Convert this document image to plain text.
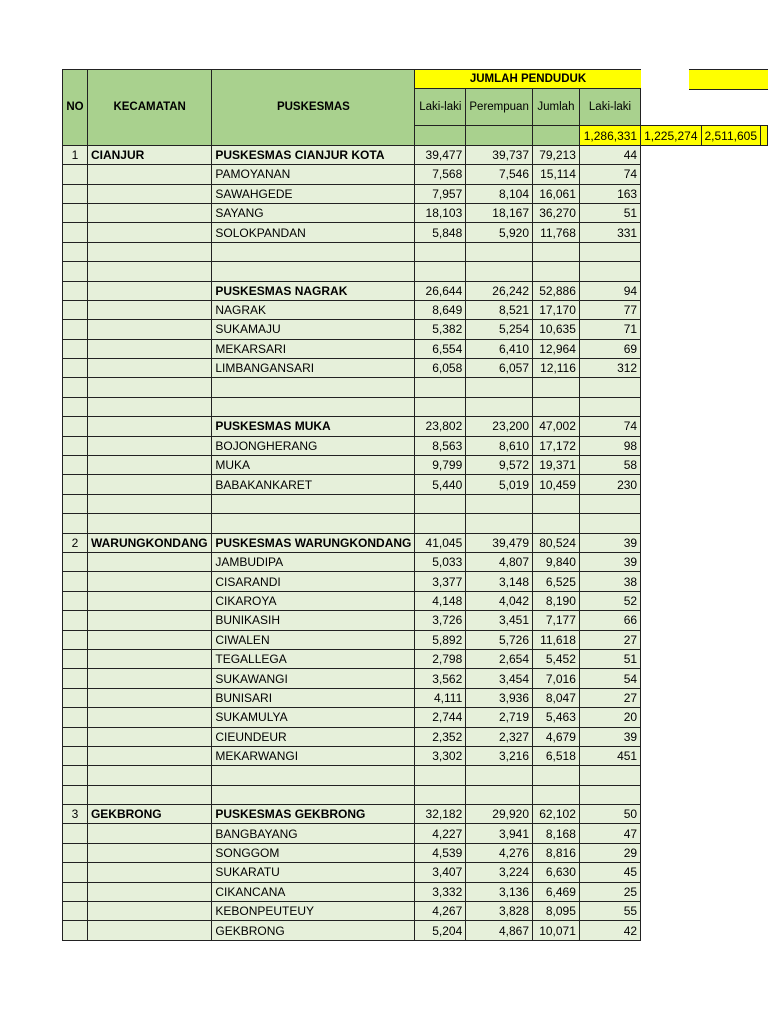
NO	KECAMATAN	PUSKESMAS	JUMLAH PENDUDUK						
			Laki-laki	Perempuan	Jumlah	Laki-laki			
						1,286,331	1,225,274	2,511,605	
1	CIANJUR	PUSKESMAS CIANJUR KOTA	39,477	39,737	79,213	44			
		PAMOYANAN	7,568	7,546	15,114	74			
		SAWAHGEDE	7,957	8,104	16,061	163			
		SAYANG	18,103	18,167	36,270	51			
		SOLOKPANDAN	5,848	5,920	11,768	331			

		PUSKESMAS NAGRAK	26,644	26,242	52,886	94			
		NAGRAK	8,649	8,521	17,170	77			
		SUKAMAJU	5,382	5,254	10,635	71			
		MEKARSARI	6,554	6,410	12,964	69			
		LIMBANGANSARI	6,058	6,057	12,116	312			

		PUSKESMAS MUKA	23,802	23,200	47,002	74			
		BOJONGHERANG	8,563	8,610	17,172	98			
		MUKA	9,799	9,572	19,371	58			
		BABAKANKARET	5,440	5,019	10,459	230			

2	WARUNGKONDANG	PUSKESMAS WARUNGKONDANG	41,045	39,479	80,524	39			
		JAMBUDIPA	5,033	4,807	9,840	39			
		CISARANDI	3,377	3,148	6,525	38			
		CIKAROYA	4,148	4,042	8,190	52			
		BUNIKASIH	3,726	3,451	7,177	66			
		CIWALEN	5,892	5,726	11,618	27			
		TEGALLEGA	2,798	2,654	5,452	51			
		SUKAWANGI	3,562	3,454	7,016	54			
		BUNISARI	4,111	3,936	8,047	27			
		SUKAMULYA	2,744	2,719	5,463	20			
		CIEUNDEUR	2,352	2,327	4,679	39			
		MEKARWANGI	3,302	3,216	6,518	451			

3	GEKBRONG	PUSKESMAS GEKBRONG	32,182	29,920	62,102	50			
		BANGBAYANG	4,227	3,941	8,168	47			
		SONGGOM	4,539	4,276	8,816	29			
		SUKARATU	3,407	3,224	6,630	45			
		CIKANCANA	3,332	3,136	6,469	25			
		KEBONPEUTEUY	4,267	3,828	8,095	55			
		GEKBRONG	5,204	4,867	10,071	42			
